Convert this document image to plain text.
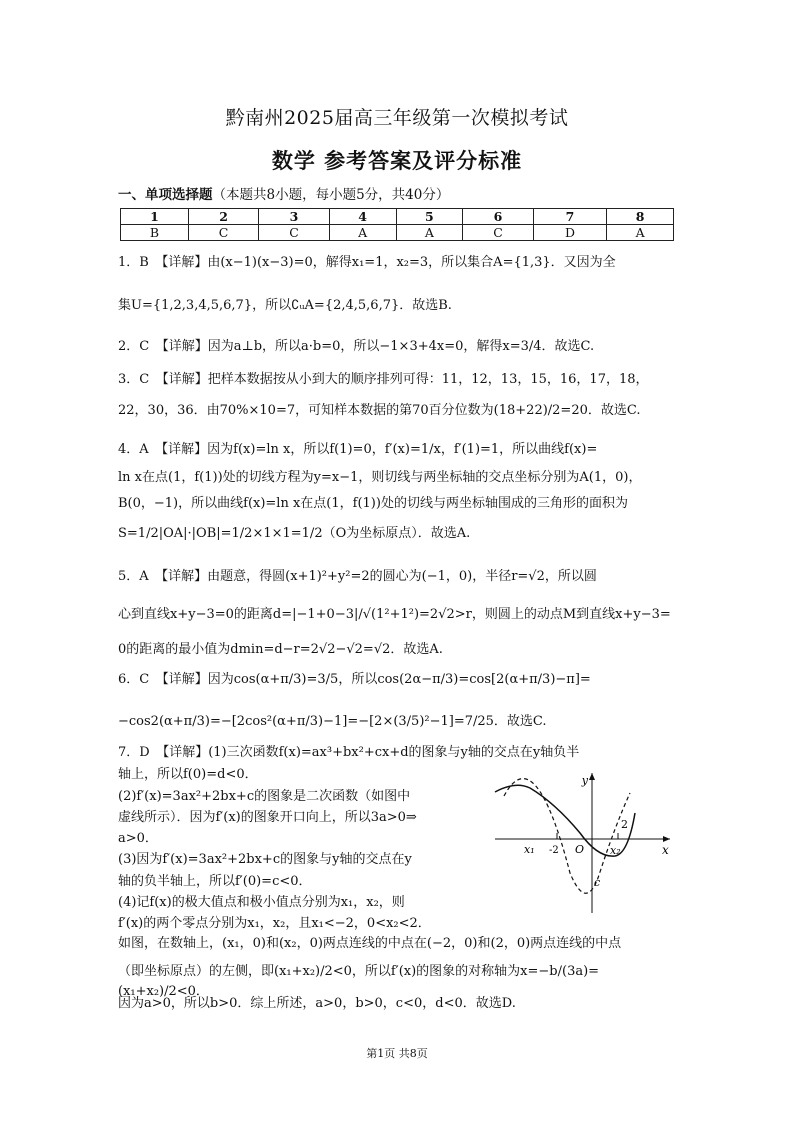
黔南州2025届高三年级第一次模拟考试
数学 参考答案及评分标准
一、单项选择题（本题共8小题，每小题5分，共40分）
1	2	3	4	5	6	7	8
B	C	C	A	A	C	D	A
1．B　【详解】由(x−1)(x−3)=0，解得x₁=1，x₂=3，所以集合A={1,3}．又因为全
集U={1,2,3,4,5,6,7}，所以∁ᵤA={2,4,5,6,7}．故选B.
2．C　【详解】因为a⊥b，所以a·b=0，所以−1×3+4x=0，解得x=3/4．故选C.
3．C　【详解】把样本数据按从小到大的顺序排列可得：11，12，13，15，16，17，18，
22，30，36．由70%×10=7，可知样本数据的第70百分位数为(18+22)/2=20．故选C.
4．A　【详解】因为f(x)=ln x，所以f(1)=0，f′(x)=1/x，f′(1)=1，所以曲线f(x)=
ln x在点(1，f(1))处的切线方程为y=x−1，则切线与两坐标轴的交点坐标分别为A(1，0)，
B(0，−1)，所以曲线f(x)=ln x在点(1，f(1))处的切线与两坐标轴围成的三角形的面积为
S=1/2|OA|·|OB|=1/2×1×1=1/2（O为坐标原点）．故选A.
5．A　【详解】由题意，得圆(x+1)²+y²=2的圆心为(−1，0)，半径r=√2，所以圆
心到直线x+y−3=0的距离d=|−1+0−3|/√(1²+1²)=2√2>r，则圆上的动点M到直线x+y−3=
0的距离的最小值为dmin=d−r=2√2−√2=√2．故选A.
6．C　【详解】因为cos(α+π/3)=3/5，所以cos(2α−π/3)=cos[2(α+π/3)−π]=
−cos2(α+π/3)=−[2cos²(α+π/3)−1]=−[2×(3/5)²−1]=7/25．故选C.
7．D　【详解】(1)三次函数f(x)=ax³+bx²+cx+d的图象与y轴的交点在y轴负半
轴上，所以f(0)=d<0．
(2)f′(x)=3ax²+2bx+c的图象是二次函数（如图中
虚线所示）．因为f′(x)的图象开口向上，所以3a>0⇒
a>0．
(3)因为f′(x)=3ax²+2bx+c的图象与y轴的交点在y
轴的负半轴上，所以f′(0)=c<0．
(4)记f(x)的极大值点和极小值点分别为x₁，x₂，则
f′(x)的两个零点分别为x₁，x₂，且x₁<−2，0<x₂<2．
如图，在数轴上，(x₁，0)和(x₂，0)两点连线的中点在(−2，0)和(2，0)两点连线的中点
（即坐标原点）的左侧，即(x₁+x₂)/2<0，所以f′(x)的图象的对称轴为x=−b/(3a)=(x₁+x₂)/2<0．
因为a>0，所以b>0．综上所述，a>0，b>0，c<0，d<0．故选D.
y
x
x₁ -2 O x₂
2
c
第1页 共8页
